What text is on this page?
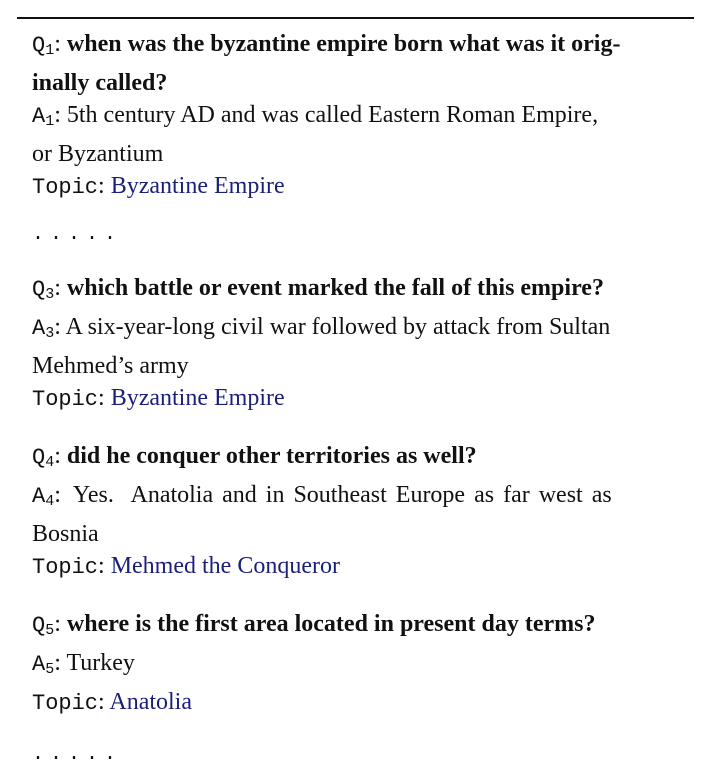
$Q_1$: when was the byzantine empire born what was it orig-
inally called?
$A_1$: 5th century AD and was called Eastern Roman Empire,
or Byzantium
Topic: Byzantine Empire
.....
$Q_3$: which battle or event marked the fall of this empire?
$A_3$: A six-year-long civil war followed by attack from Sultan
Mehmed’s army
Topic: Byzantine Empire
$Q_4$: did he conquer other territories as well?
$A_4$:  Yes.  Anatolia and in Southeast Europe as far west as
Bosnia
Topic: Mehmed the Conqueror
$Q_5$: where is the first area located in present day terms?
$A_5$: Turkey
Topic: Anatolia
.....
